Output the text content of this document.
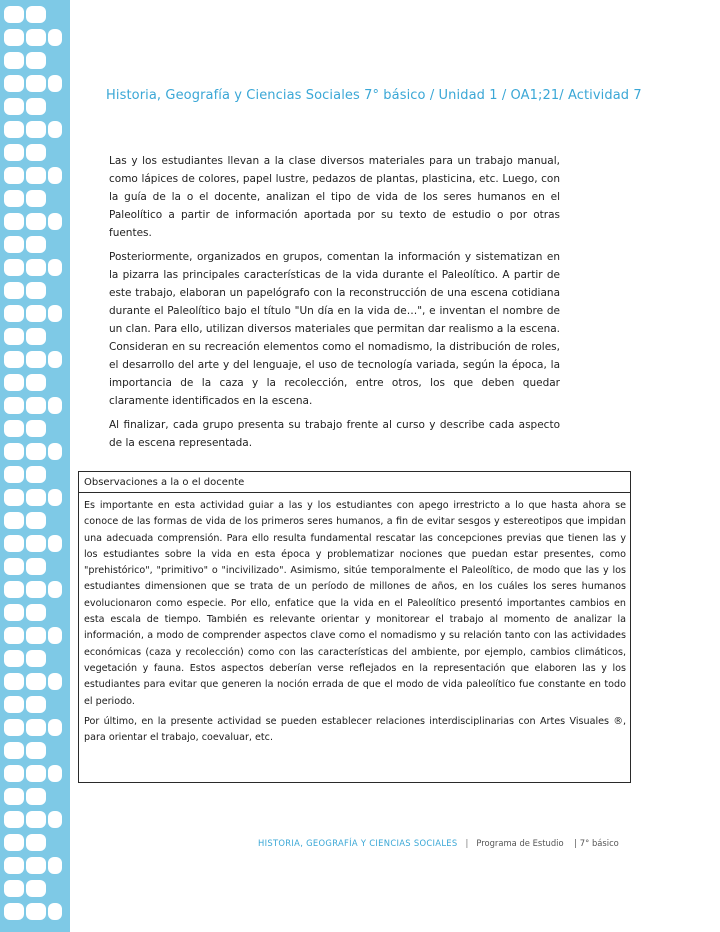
Historia, Geografía y Ciencias Sociales 7° básico / Unidad 1 / OA1;21/ Actividad 7

Las y los estudiantes llevan a la clase diversos materiales para un trabajo manual, como lápices de colores, papel lustre, pedazos de plantas, plasticina, etc. Luego, con la guía de la o el docente, analizan el tipo de vida de los seres humanos en el Paleolítico a partir de información aportada por su texto de estudio o por otras fuentes.

Posteriormente, organizados en grupos, comentan la información y sistematizan en la pizarra las principales características de la vida durante el Paleolítico. A partir de este trabajo, elaboran un papelógrafo con la reconstrucción de una escena cotidiana durante el Paleolítico bajo el título "Un día en la vida de…", e inventan el nombre de un clan. Para ello, utilizan diversos materiales que permitan dar realismo a la escena. Consideran en su recreación elementos como el nomadismo, la distribución de roles, el desarrollo del arte y del lenguaje, el uso de tecnología variada, según la época, la importancia de la caza y la recolección, entre otros, los que deben quedar claramente identificados en la escena.

Al finalizar, cada grupo presenta su trabajo frente al curso y describe cada aspecto de la escena representada.

Observaciones a la o el docente

Es importante en esta actividad guiar a las y los estudiantes con apego irrestricto a lo que hasta ahora se conoce de las formas de vida de los primeros seres humanos, a fin de evitar sesgos y estereotipos que impidan una adecuada comprensión. Para ello resulta fundamental rescatar las concepciones previas que tienen las y los estudiantes sobre la vida en esta época y problematizar nociones que puedan estar presentes, como "prehistórico", "primitivo" o "incivilizado". Asimismo, sitúe temporalmente el Paleolítico, de modo que las y los estudiantes dimensionen que se trata de un período de millones de años, en los cuáles los seres humanos evolucionaron como especie. Por ello, enfatice que la vida en el Paleolítico presentó importantes cambios en esta escala de tiempo. También es relevante orientar y monitorear el trabajo al momento de analizar la información, a modo de comprender aspectos clave como el nomadismo y su relación tanto con las actividades económicas (caza y recolección) como con las características del ambiente, por ejemplo, cambios climáticos, vegetación y fauna. Estos aspectos deberían verse reflejados en la representación que elaboren las y los estudiantes para evitar que generen la noción errada de que el modo de vida paleolítico fue constante en todo el periodo.

Por último, en la presente actividad se pueden establecer relaciones interdisciplinarias con Artes Visuales ®, para orientar el trabajo, coevaluar, etc.

HISTORIA, GEOGRAFÍA Y CIENCIAS SOCIALES | Programa de Estudio | 7° básico
